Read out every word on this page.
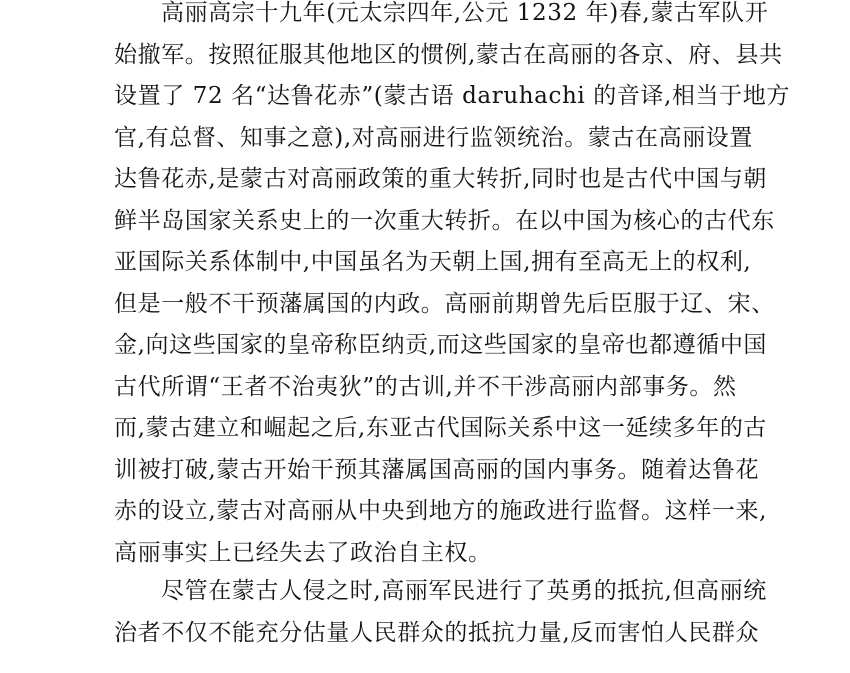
高丽高宗十九年(元太宗四年,公元 1232 年)春,蒙古军队开
始撤军。按照征服其他地区的惯例,蒙古在高丽的各京、府、县共
设置了 72 名“达鲁花赤”(蒙古语 daruhachi 的音译,相当于地方
官,有总督、知事之意),对高丽进行监领统治。蒙古在高丽设置
达鲁花赤,是蒙古对高丽政策的重大转折,同时也是古代中国与朝
鲜半岛国家关系史上的一次重大转折。在以中国为核心的古代东
亚国际关系体制中,中国虽名为天朝上国,拥有至高无上的权利,
但是一般不干预藩属国的内政。高丽前期曾先后臣服于辽、宋、
金,向这些国家的皇帝称臣纳贡,而这些国家的皇帝也都遵循中国
古代所谓“王者不治夷狄”的古训,并不干涉高丽内部事务。然
而,蒙古建立和崛起之后,东亚古代国际关系中这一延续多年的古
训被打破,蒙古开始干预其藩属国高丽的国内事务。随着达鲁花
赤的设立,蒙古对高丽从中央到地方的施政进行监督。这样一来,
高丽事实上已经失去了政治自主权。
尽管在蒙古人侵之时,高丽军民进行了英勇的抵抗,但高丽统
治者不仅不能充分估量人民群众的抵抗力量,反而害怕人民群众
